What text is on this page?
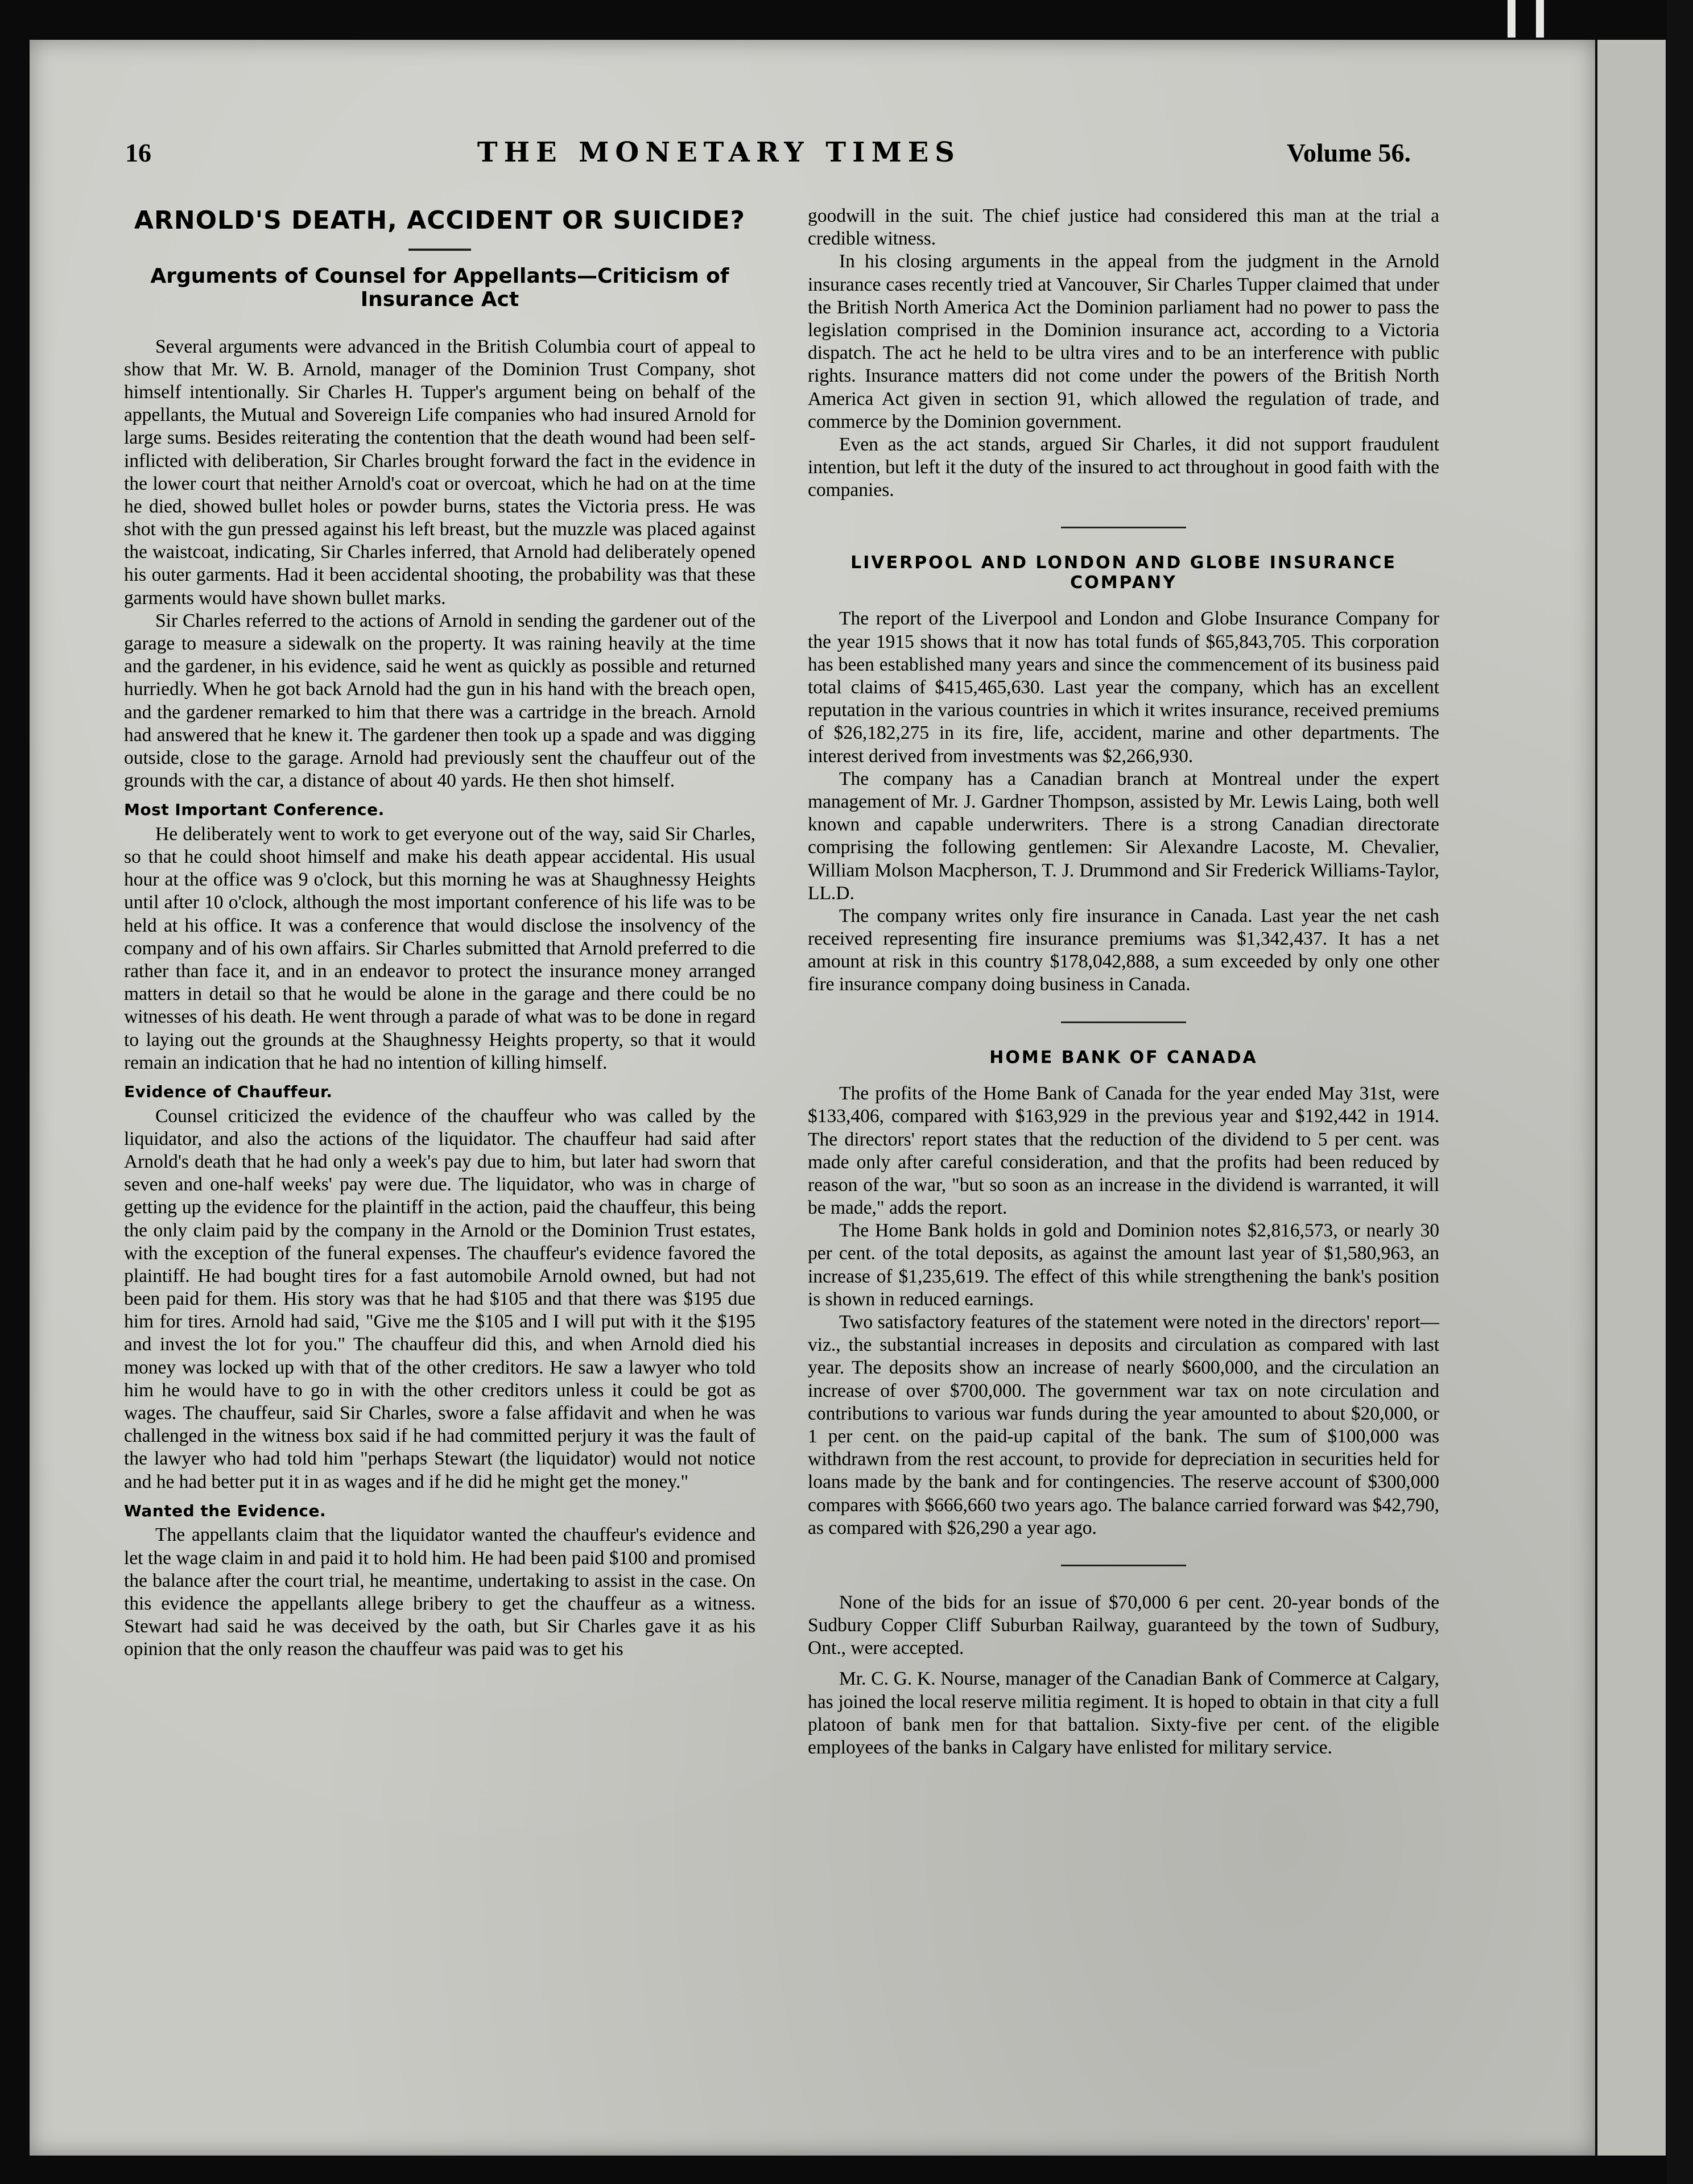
16	THE MONETARY TIMES	Volume 56.
ARNOLD'S DEATH, ACCIDENT OR SUICIDE?
Arguments of Counsel for Appellants—Criticism of Insurance Act

Several arguments were advanced in the British Columbia court of appeal to show that Mr. W. B. Arnold, manager of the Dominion Trust Company, shot himself intentionally. Sir Charles H. Tupper's argument being on behalf of the appellants, the Mutual and Sovereign Life companies who had insured Arnold for large sums. Besides reiterating the contention that the death wound had been self-inflicted with deliberation, Sir Charles brought forward the fact in the evidence in the lower court that neither Arnold's coat or overcoat, which he had on at the time he died, showed bullet holes or powder burns, states the Victoria press. He was shot with the gun pressed against his left breast, but the muzzle was placed against the waistcoat, indicating, Sir Charles inferred, that Arnold had deliberately opened his outer garments. Had it been accidental shooting, the probability was that these garments would have shown bullet marks.

Sir Charles referred to the actions of Arnold in sending the gardener out of the garage to measure a sidewalk on the property. It was raining heavily at the time and the gardener, in his evidence, said he went as quickly as possible and returned hurriedly. When he got back Arnold had the gun in his hand with the breach open, and the gardener remarked to him that there was a cartridge in the breach. Arnold had answered that he knew it. The gardener then took up a spade and was digging outside, close to the garage. Arnold had previously sent the chauffeur out of the grounds with the car, a distance of about 40 yards. He then shot himself.

Most Important Conference.

He deliberately went to work to get everyone out of the way, said Sir Charles, so that he could shoot himself and make his death appear accidental. His usual hour at the office was 9 o'clock, but this morning he was at Shaughnessy Heights until after 10 o'clock, although the most important conference of his life was to be held at his office. It was a conference that would disclose the insolvency of the company and of his own affairs. Sir Charles submitted that Arnold preferred to die rather than face it, and in an endeavor to protect the insurance money arranged matters in detail so that he would be alone in the garage and there could be no witnesses of his death. He went through a parade of what was to be done in regard to laying out the grounds at the Shaughnessy Heights property, so that it would remain an indication that he had no intention of killing himself.

Evidence of Chauffeur.

Counsel criticized the evidence of the chauffeur who was called by the liquidator, and also the actions of the liquidator. The chauffeur had said after Arnold's death that he had only a week's pay due to him, but later had sworn that seven and one-half weeks' pay were due. The liquidator, who was in charge of getting up the evidence for the plaintiff in the action, paid the chauffeur, this being the only claim paid by the company in the Arnold or the Dominion Trust estates, with the exception of the funeral expenses. The chauffeur's evidence favored the plaintiff. He had bought tires for a fast automobile Arnold owned, but had not been paid for them. His story was that he had $105 and that there was $195 due him for tires. Arnold had said, "Give me the $105 and I will put with it the $195 and invest the lot for you." The chauffeur did this, and when Arnold died his money was locked up with that of the other creditors. He saw a lawyer who told him he would have to go in with the other creditors unless it could be got as wages. The chauffeur, said Sir Charles, swore a false affidavit and when he was challenged in the witness box said if he had committed perjury it was the fault of the lawyer who had told him "perhaps Stewart (the liquidator) would not notice and he had better put it in as wages and if he did he might get the money."

Wanted the Evidence.

The appellants claim that the liquidator wanted the chauffeur's evidence and let the wage claim in and paid it to hold him. He had been paid $100 and promised the balance after the court trial, he meantime, undertaking to assist in the case. On this evidence the appellants allege bribery to get the chauffeur as a witness. Stewart had said he was deceived by the oath, but Sir Charles gave it as his opinion that the only reason the chauffeur was paid was to get his

goodwill in the suit. The chief justice had considered this man at the trial a credible witness.

In his closing arguments in the appeal from the judgment in the Arnold insurance cases recently tried at Vancouver, Sir Charles Tupper claimed that under the British North America Act the Dominion parliament had no power to pass the legislation comprised in the Dominion insurance act, according to a Victoria dispatch. The act he held to be ultra vires and to be an interference with public rights. Insurance matters did not come under the powers of the British North America Act given in section 91, which allowed the regulation of trade, and commerce by the Dominion government.

Even as the act stands, argued Sir Charles, it did not support fraudulent intention, but left it the duty of the insured to act throughout in good faith with the companies.

LIVERPOOL AND LONDON AND GLOBE INSURANCE COMPANY

The report of the Liverpool and London and Globe Insurance Company for the year 1915 shows that it now has total funds of $65,843,705. This corporation has been established many years and since the commencement of its business paid total claims of $415,465,630. Last year the company, which has an excellent reputation in the various countries in which it writes insurance, received premiums of $26,182,275 in its fire, life, accident, marine and other departments. The interest derived from investments was $2,266,930.

The company has a Canadian branch at Montreal under the expert management of Mr. J. Gardner Thompson, assisted by Mr. Lewis Laing, both well known and capable underwriters. There is a strong Canadian directorate comprising the following gentlemen: Sir Alexandre Lacoste, M. Chevalier, William Molson Macpherson, T. J. Drummond and Sir Frederick Williams-Taylor, LL.D.

The company writes only fire insurance in Canada. Last year the net cash received representing fire insurance premiums was $1,342,437. It has a net amount at risk in this country $178,042,888, a sum exceeded by only one other fire insurance company doing business in Canada.

HOME BANK OF CANADA

The profits of the Home Bank of Canada for the year ended May 31st, were $133,406, compared with $163,929 in the previous year and $192,442 in 1914. The directors' report states that the reduction of the dividend to 5 per cent. was made only after careful consideration, and that the profits had been reduced by reason of the war, "but so soon as an increase in the dividend is warranted, it will be made," adds the report.

The Home Bank holds in gold and Dominion notes $2,816,573, or nearly 30 per cent. of the total deposits, as against the amount last year of $1,580,963, an increase of $1,235,619. The effect of this while strengthening the bank's position is shown in reduced earnings.

Two satisfactory features of the statement were noted in the directors' report—viz., the substantial increases in deposits and circulation as compared with last year. The deposits show an increase of nearly $600,000, and the circulation an increase of over $700,000. The government war tax on note circulation and contributions to various war funds during the year amounted to about $20,000, or 1 per cent. on the paid-up capital of the bank. The sum of $100,000 was withdrawn from the rest account, to provide for depreciation in securities held for loans made by the bank and for contingencies. The reserve account of $300,000 compares with $666,660 two years ago. The balance carried forward was $42,790, as compared with $26,290 a year ago.

None of the bids for an issue of $70,000 6 per cent. 20-year bonds of the Sudbury Copper Cliff Suburban Railway, guaranteed by the town of Sudbury, Ont., were accepted.

Mr. C. G. K. Nourse, manager of the Canadian Bank of Commerce at Calgary, has joined the local reserve militia regiment. It is hoped to obtain in that city a full platoon of bank men for that battalion. Sixty-five per cent. of the eligible employees of the banks in Calgary have enlisted for military service.
